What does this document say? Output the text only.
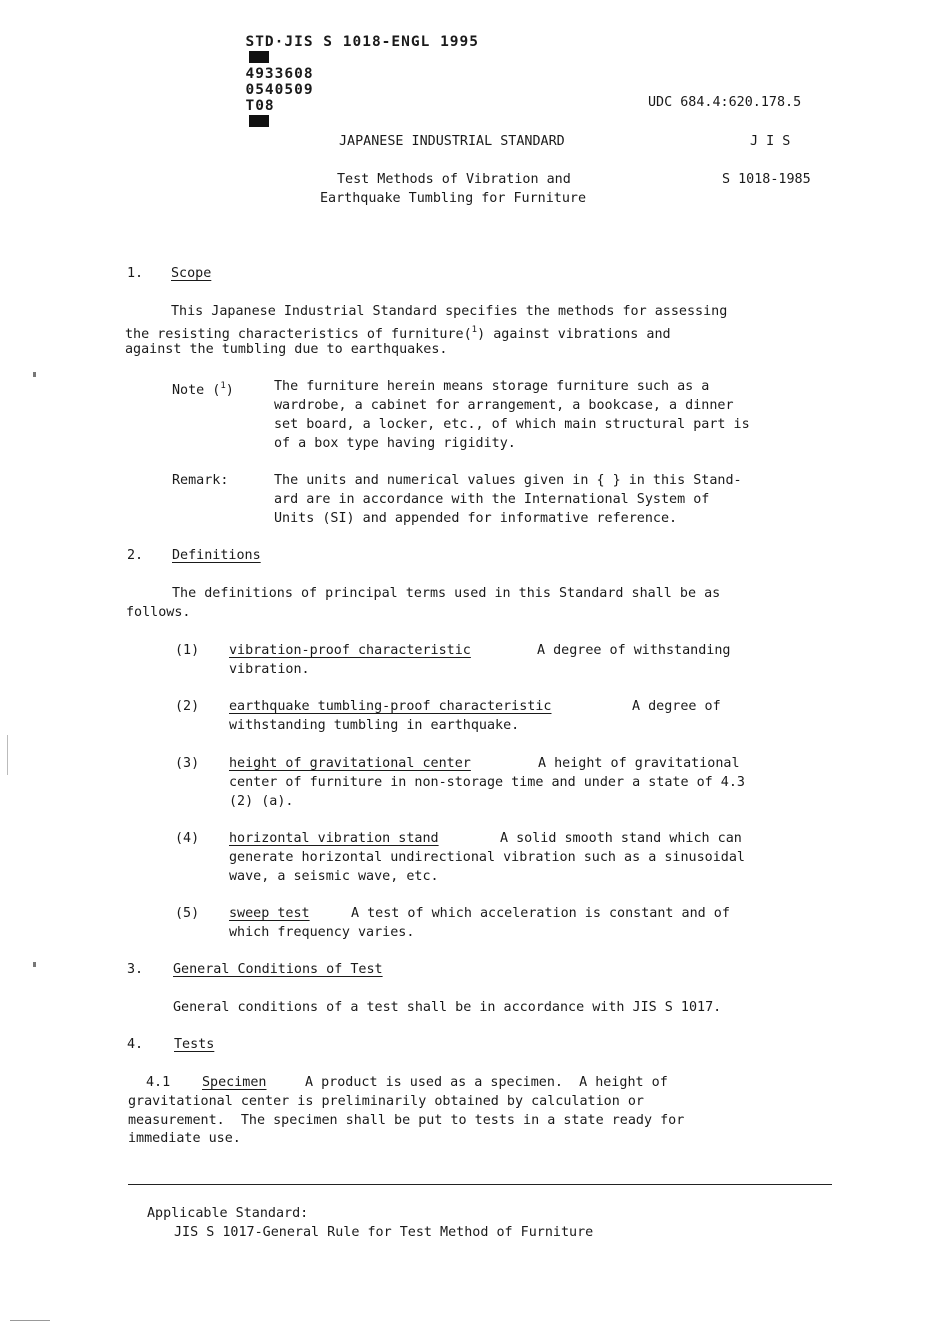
STD·JIS S 1018-ENGL 1995

4933608
0540509
T08
	UDC 684.4:620.178.5
JAPANESE INDUSTRIAL STANDARD	J I S
Test Methods of Vibration and
Earthquake Tumbling for Furniture
S 1018-1985
1. Scope
This Japanese Industrial Standard specifies the methods for assessing
the resisting characteristics of furniture($^1$) against vibrations and
against the tumbling due to earthquakes.
Note ($^1$)	The furniture herein means storage furniture such as a
wardrobe, a cabinet for arrangement, a bookcase, a dinner
set board, a locker, etc., of which main structural part is
of a box type having rigidity.
Remark:	The units and numerical values given in { } in this Stand-
ard are in accordance with the International System of
Units (SI) and appended for informative reference.
2. Definitions
The definitions of principal terms used in this Standard shall be as
follows.
(1) vibration-proof characteristic	A degree of withstanding
vibration.
(2) earthquake tumbling-proof characteristic	A degree of
withstanding tumbling in earthquake.
(3) height of gravitational center	A height of gravitational
center of furniture in non-storage time and under a state of 4.3
(2) (a).
(4) horizontal vibration stand	A solid smooth stand which can
generate horizontal undirectional vibration such as a sinusoidal
wave, a seismic wave, etc.
(5) sweep test	A test of which acceleration is constant and of
which frequency varies.
3. General Conditions of Test
General conditions of a test shall be in accordance with JIS S 1017.
4. Tests
4.1 Specimen	A product is used as a specimen.  A height of
gravitational center is preliminarily obtained by calculation or
measurement.  The specimen shall be put to tests in a state ready for
immediate use.
Applicable Standard:
JIS S 1017-General Rule for Test Method of Furniture
